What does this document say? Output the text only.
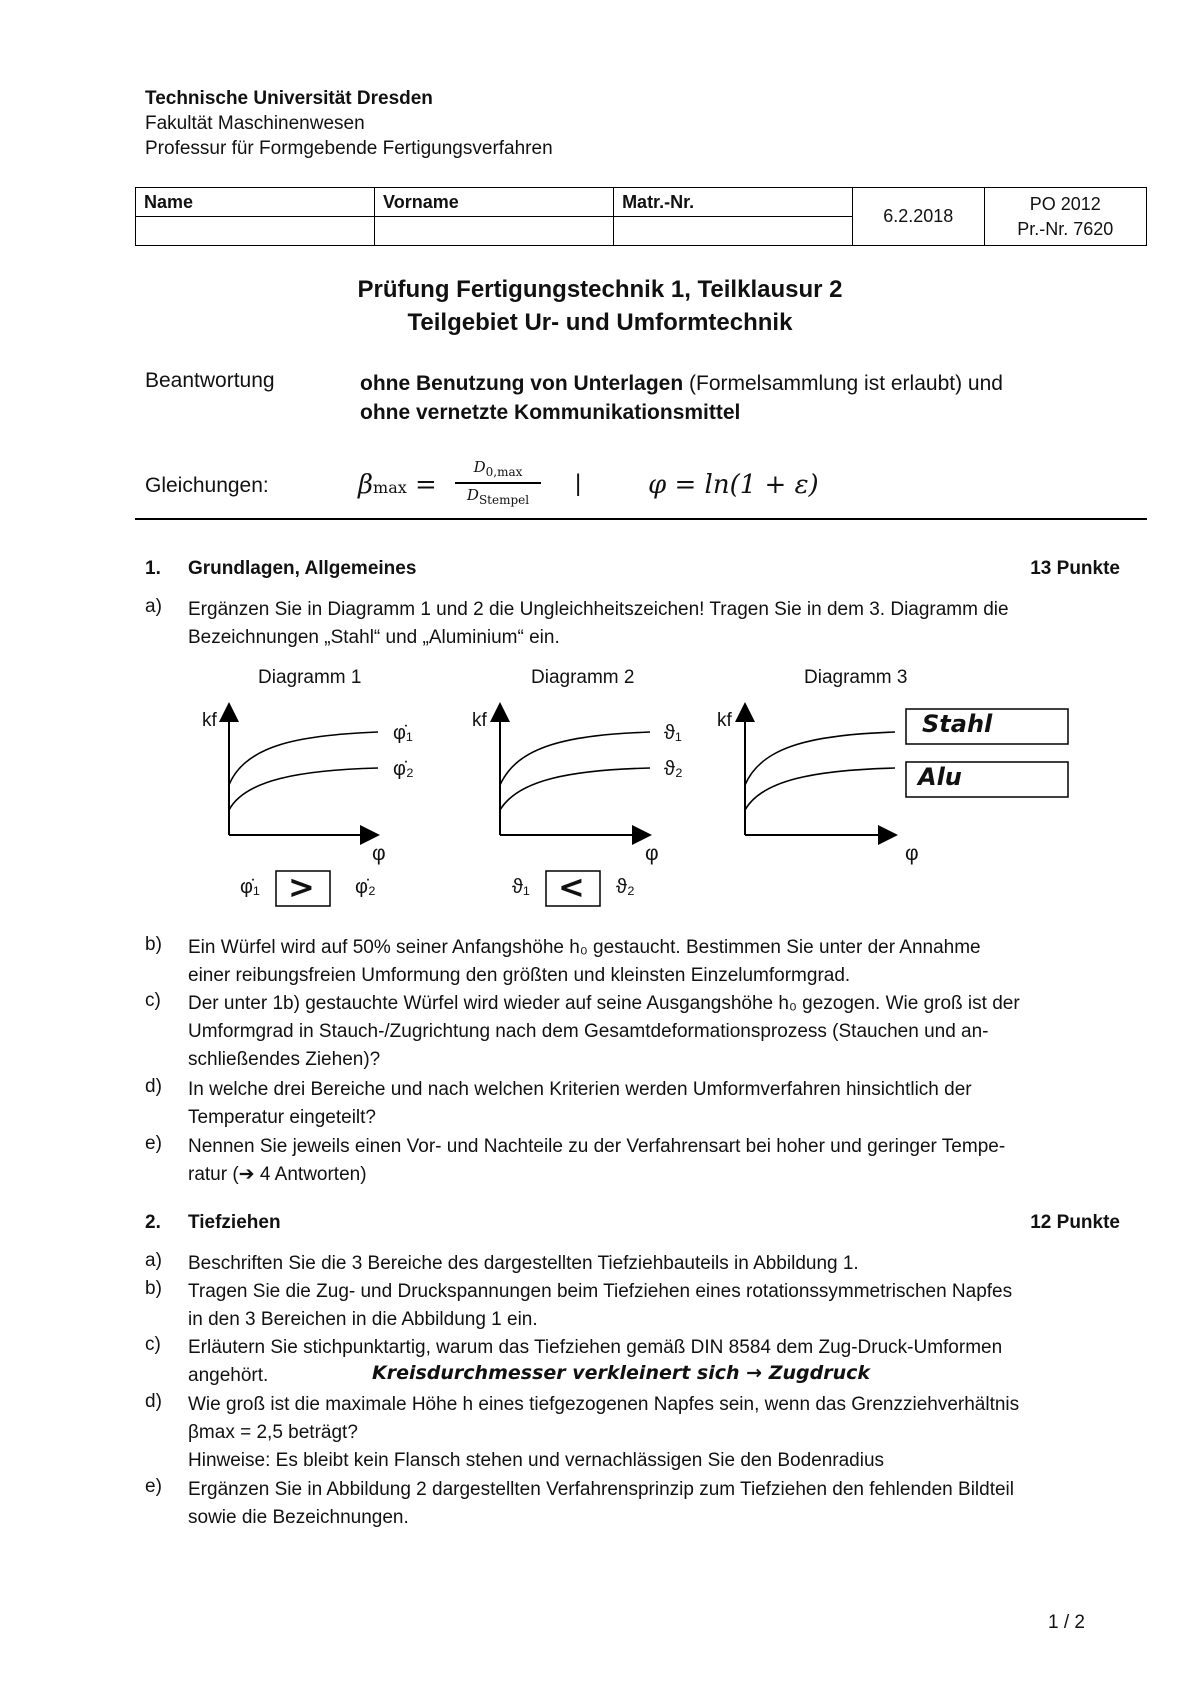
Technische Universität Dresden
Fakultät Maschinenwesen
Professur für Formgebende Fertigungsverfahren
Name	Vorname	Matr.-Nr.	6.2.2018	PO 2012
Pr.-Nr. 7620

Prüfung Fertigungstechnik 1, Teilklausur 2
Teilgebiet Ur- und Umformtechnik
Beantwortung	ohne Benutzung von Unterlagen (Formelsammlung ist erlaubt) und
ohne vernetzte Kommunikationsmittel
Gleichungen:	βmax =
$D_{0,max}$
$D_{Stempel}$
|	φ = ln(1 + ε)
1. Grundlagen, Allgemeines	13 Punkte
a) Ergänzen Sie in Diagramm 1 und 2 die Ungleichheitszeichen! Tragen Sie in dem 3. Diagramm die
Bezeichnungen „Stahl“ und „Aluminium“ ein.
Diagramm 1	Diagramm 2	Diagramm 3
kf
φ
φ̇₁
φ̇₂
kf
φ
ϑ₁
ϑ₂
kf
φ
Stahl
Alu
φ̇₁ > φ̇₂	ϑ₁ < ϑ₂
b) Ein Würfel wird auf 50% seiner Anfangshöhe h₀ gestaucht. Bestimmen Sie unter der Annahme
einer reibungsfreien Umformung den größten und kleinsten Einzelumformgrad.
c) Der unter 1b) gestauchte Würfel wird wieder auf seine Ausgangshöhe h₀ gezogen. Wie groß ist der
Umformgrad in Stauch-/Zugrichtung nach dem Gesamtdeformationsprozess (Stauchen und an-
schließendes Ziehen)?
d) In welche drei Bereiche und nach welchen Kriterien werden Umformverfahren hinsichtlich der
Temperatur eingeteilt?
e) Nennen Sie jeweils einen Vor- und Nachteile zu der Verfahrensart bei hoher und geringer Tempe-
ratur (➔ 4 Antworten)
2. Tiefziehen	12 Punkte
a) Beschriften Sie die 3 Bereiche des dargestellten Tiefziehbauteils in Abbildung 1.
b) Tragen Sie die Zug- und Druckspannungen beim Tiefziehen eines rotationssymmetrischen Napfes
in den 3 Bereichen in die Abbildung 1 ein.
c) Erläutern Sie stichpunktartig, warum das Tiefziehen gemäß DIN 8584 dem Zug-Druck-Umformen
angehört.	Kreisdurchmesser verkleinert sich → Zugdruck
d) Wie groß ist die maximale Höhe h eines tiefgezogenen Napfes sein, wenn das Grenzziehverhältnis
βmax = 2,5 beträgt?
Hinweise: Es bleibt kein Flansch stehen und vernachlässigen Sie den Bodenradius
e) Ergänzen Sie in Abbildung 2 dargestellten Verfahrensprinzip zum Tiefziehen den fehlenden Bildteil
sowie die Bezeichnungen.
1 / 2
